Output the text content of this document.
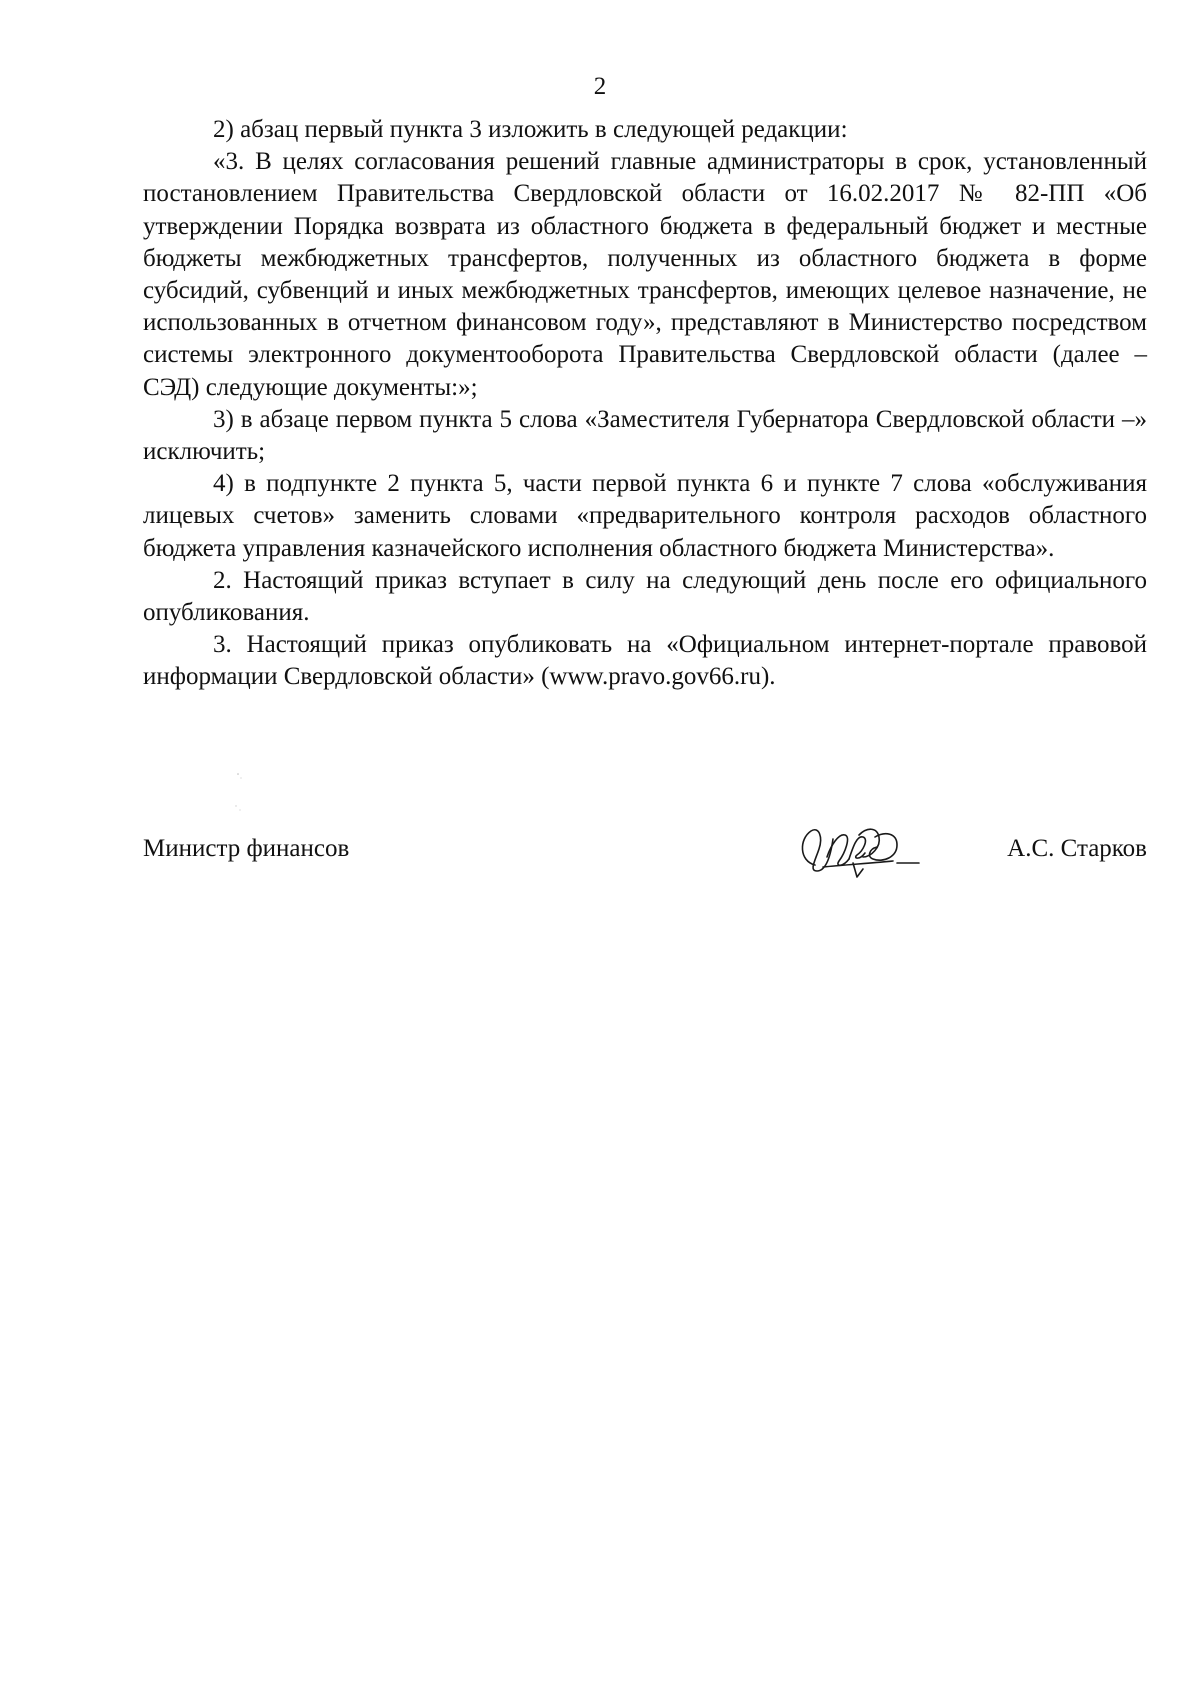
2

2) абзац первый пункта 3 изложить в следующей редакции:

«3. В целях согласования решений главные администраторы в срок, установленный постановлением Правительства Свердловской области от 16.02.2017 № 82-ПП «Об утверждении Порядка возврата из областного бюджета в федеральный бюджет и местные бюджеты межбюджетных трансфертов, полученных из областного бюджета в форме субсидий, субвенций и иных межбюджетных трансфертов, имеющих целевое назначение, не использованных в отчетном финансовом году», представляют в Министерство посредством системы электронного документооборота Правительства Свердловской области (далее – СЭД) следующие документы:»;

3) в абзаце первом пункта 5 слова «Заместителя Губернатора Свердловской области –» исключить;

4) в подпункте 2 пункта 5, части первой пункта 6 и пункте 7 слова «обслуживания лицевых счетов» заменить словами «предварительного контроля расходов областного бюджета управления казначейского исполнения областного бюджета Министерства».

2. Настоящий приказ вступает в силу на следующий день после его официального опубликования.

3. Настоящий приказ опубликовать на «Официальном интернет-портале правовой информации Свердловской области» (www.pravo.gov66.ru).

Министр финансов	А.С. Старков
